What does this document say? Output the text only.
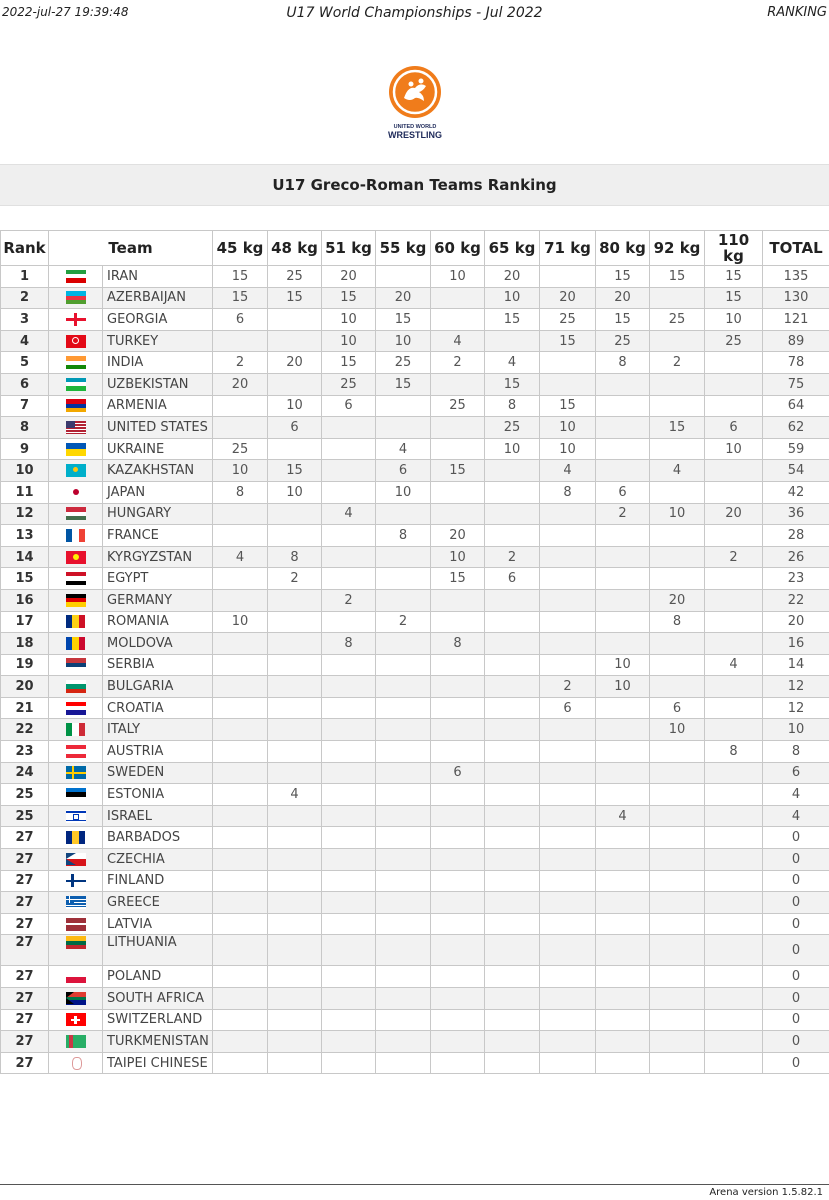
U17 World Championships - Jul 2022
2022-jul-27 19:39:48	RANKING
UNITED WORLD
WRESTLING
U17 Greco-Roman Teams Ranking
Rank	Team		45 kg	48 kg	51 kg	55 kg	60 kg	65 kg	71 kg	80 kg	92 kg	110 kg	TOTAL
1		IRAN	15	25	20		10	20		15	15	15	135
2		AZERBAIJAN	15	15	15	20		10	20	20		15	130
3		GEORGIA	6		10	15		15	25	15	25	10	121
4		TURKEY			10	10	4		15	25		25	89
5		INDIA	2	20	15	25	2	4		8	2		78
6		UZBEKISTAN	20		25	15		15					75
7		ARMENIA		10	6		25	8	15				64
8		UNITED STATES		6				25	10		15	6	62
9		UKRAINE	25			4		10	10			10	59
10		KAZAKHSTAN	10	15		6	15		4		4		54
11		JAPAN	8	10		10			8	6			42
12		HUNGARY			4					2	10	20	36
13		FRANCE				8	20						28
14		KYRGYZSTAN	4	8			10	2				2	26
15		EGYPT		2			15	6					23
16		GERMANY			2						20		22
17		ROMANIA	10			2					8		20
18		MOLDOVA			8		8						16
19		SERBIA								10		4	14
20		BULGARIA							2	10			12
21		CROATIA							6		6		12
22		ITALY									10		10
23		AUSTRIA										8	8
24		SWEDEN					6						6
25		ESTONIA		4									4
25		ISRAEL								4			4
27		BARBADOS											0
27		CZECHIA											0
27		FINLAND											0
27		GREECE											0
27		LATVIA											0
27		LITHUANIA											0
27		POLAND											0
27		SOUTH AFRICA											0
27		SWITZERLAND											0
27		TURKMENISTAN											0
27		TAIPEI CHINESE											0
Arena version 1.5.82.1
